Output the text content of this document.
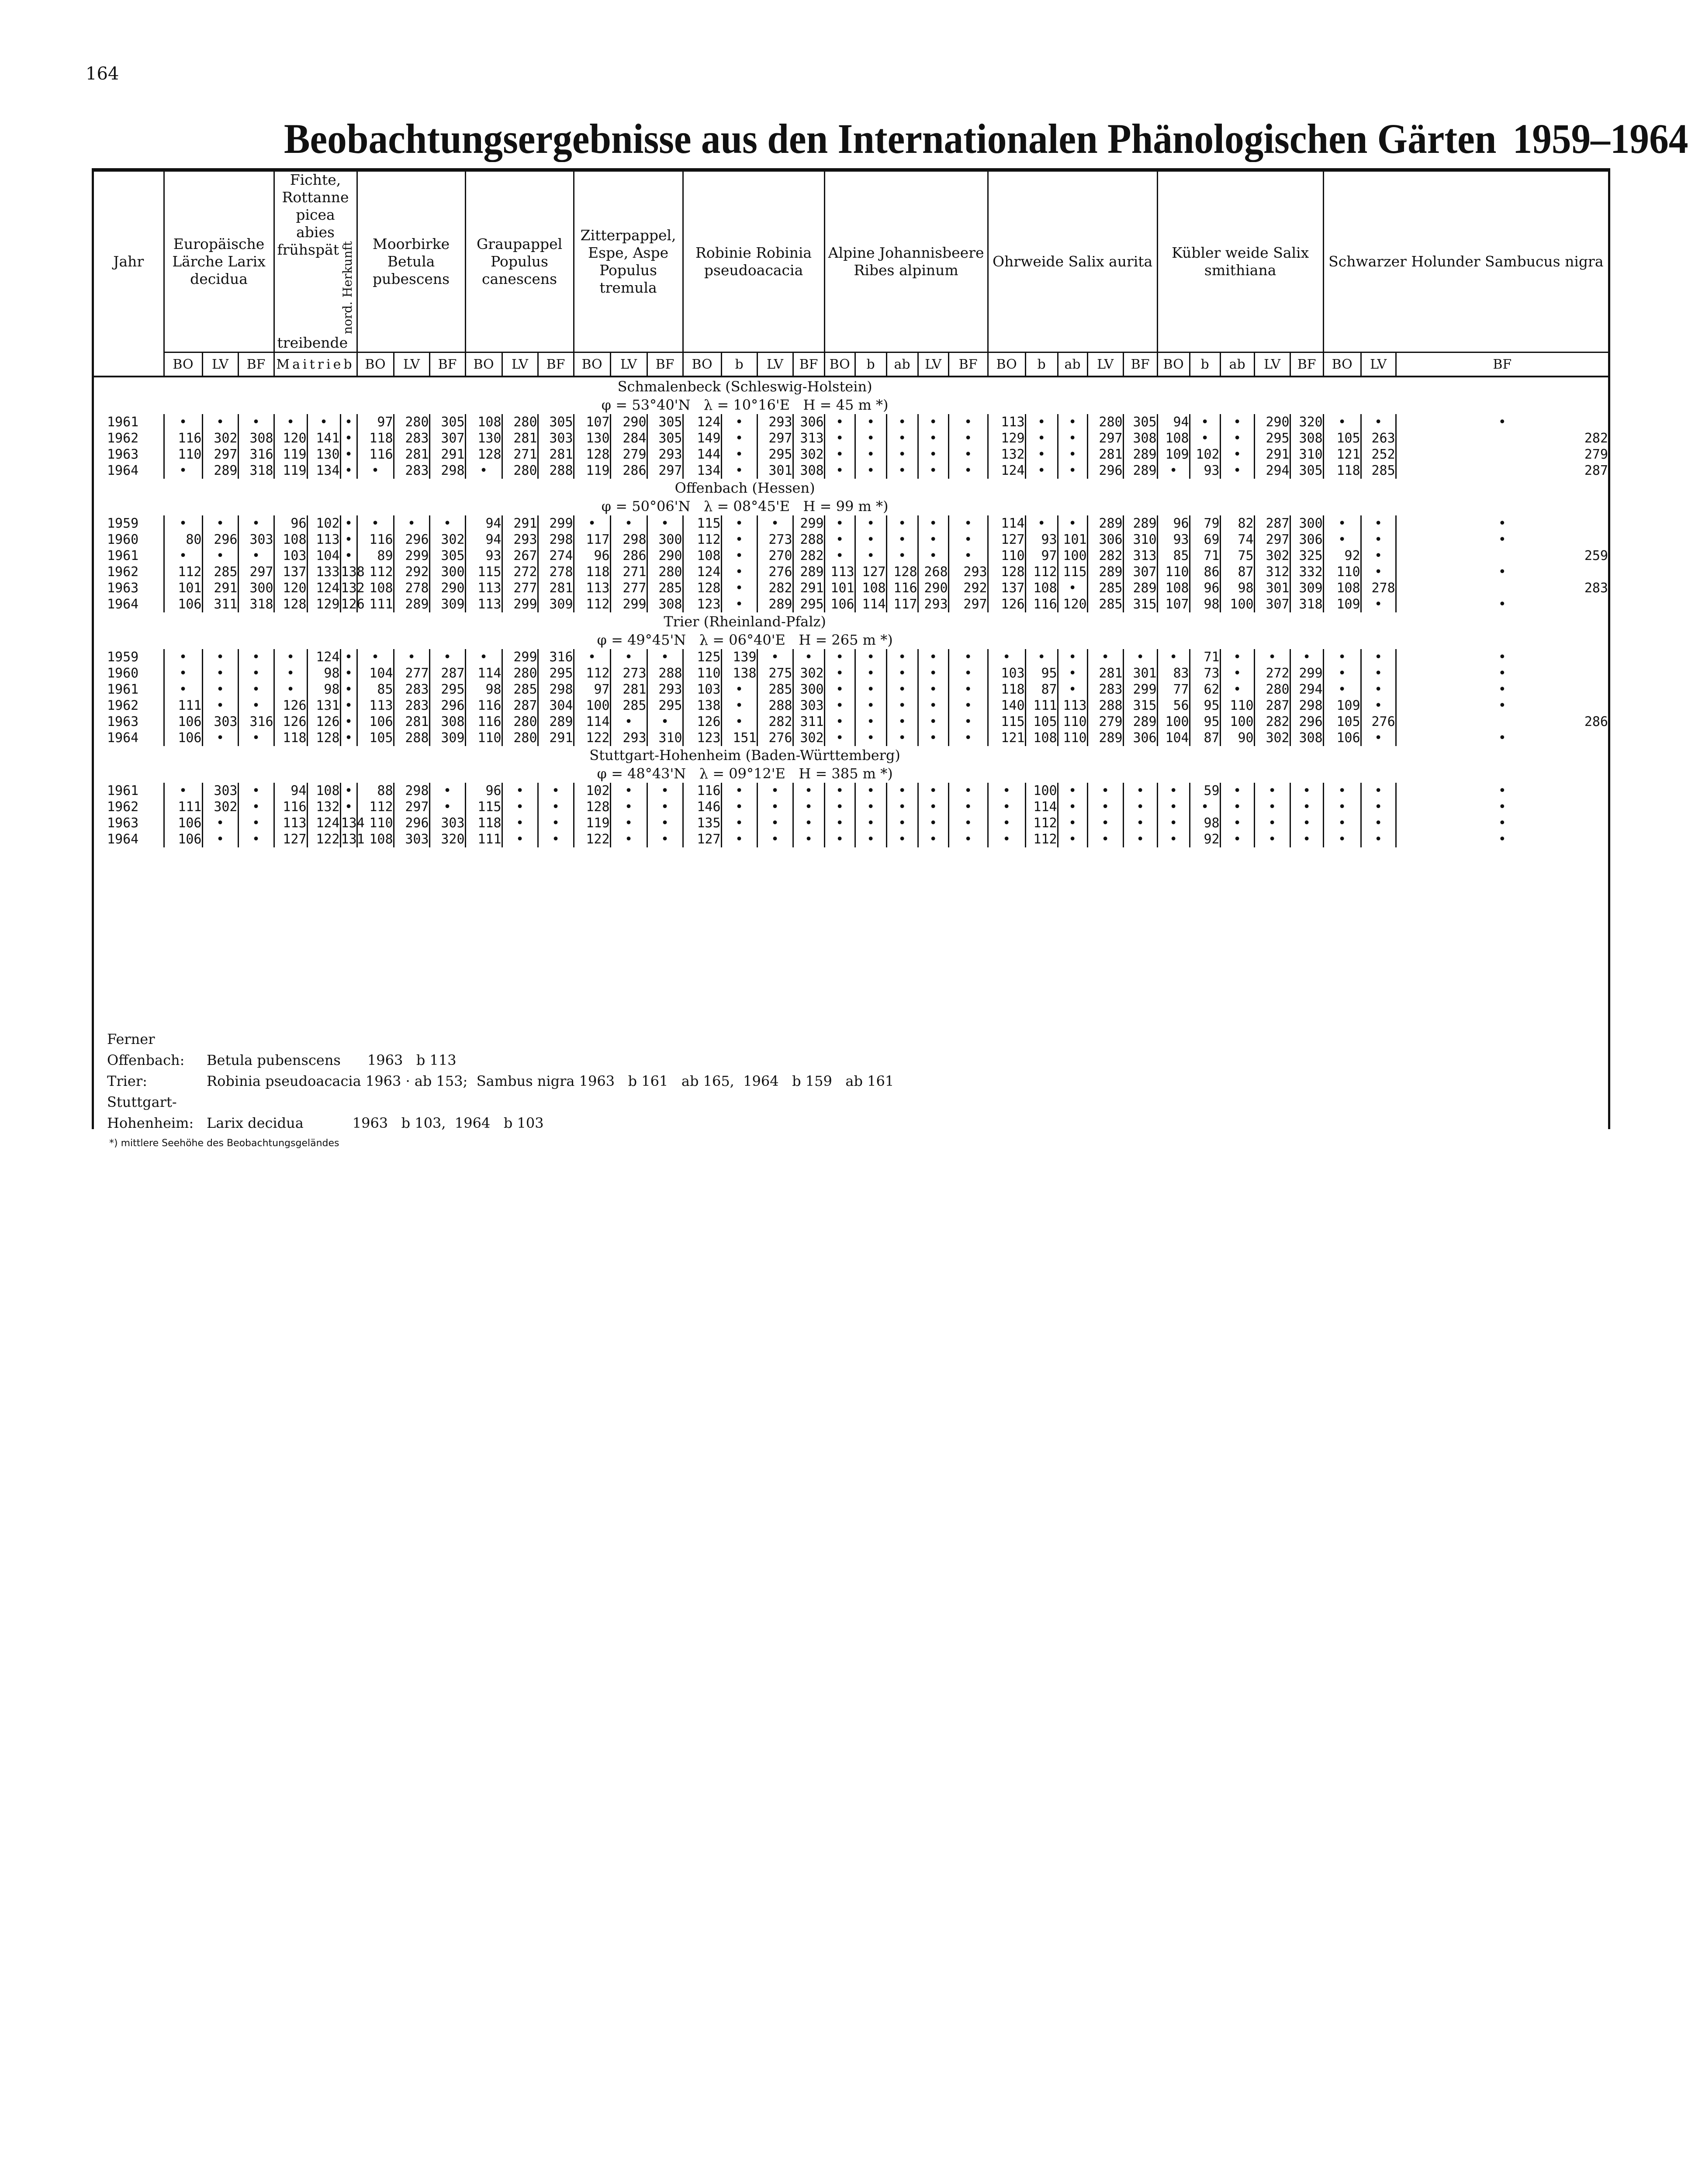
164
Beobachtungsergebnisse aus den Internationalen Phänologischen Gärten 1959–1964
Jahr	Europäische Lärche Larix decidua			Fichte, Rottanne picea abies
früh spät nord. Herkunft
treibende			Moorbirke Betula pubescens			Graupappel Populus canescens			Zitterpappel, Espe, Aspe Populus tremula			Robinie Robinia pseudoacacia				Alpine Johannisbeere Ribes alpinum					Ohrweide Salix aurita					Kübler weide Salix smithiana					Schwarzer Holunder Sambucus nigra		
	BO	LV	BF	Maitrieb			BO	LV	BF	BO	LV	BF	BO	LV	BF	BO	b	LV	BF	BO	b	ab	LV	BF	BO	b	ab	LV	BF	BO	b	ab	LV	BF	BO	LV	BF

Schmalenbeck (Schleswig-Holstein)
φ = 53°40'N   λ = 10°16'E   H = 45 m *)																																					

1961	•	•	•	•	•	•	97	280	305	108	280	305	107	290	305	124	•	293	306	•	•	•	•	•	113	•	•	280	305	94	•	•	290	320	•	•	•
1962	116	302	308	120	141	•	118	283	307	130	281	303	130	284	305	149	•	297	313	•	•	•	•	•	129	•	•	297	308	108	•	•	295	308	105	263	282
1963	110	297	316	119	130	•	116	281	291	128	271	281	128	279	293	144	•	295	302	•	•	•	•	•	132	•	•	281	289	109	102	•	291	310	121	252	279
1964	•	289	318	119	134	•	•	283	298	•	280	288	119	286	297	134	•	301	308	•	•	•	•	•	124	•	•	296	289	•	93	•	294	305	118	285	287

Offenbach (Hessen)
φ = 50°06'N   λ = 08°45'E   H = 99 m *)																																					

1959	•	•	•	96	102	•	•	•	•	94	291	299	•	•	•	115	•	•	299	•	•	•	•	•	114	•	•	289	289	96	79	82	287	300	•	•	•
1960	80	296	303	108	113	•	116	296	302	94	293	298	117	298	300	112	•	273	288	•	•	•	•	•	127	93	101	306	310	93	69	74	297	306	•	•	•
1961	•	•	•	103	104	•	89	299	305	93	267	274	96	286	290	108	•	270	282	•	•	•	•	•	110	97	100	282	313	85	71	75	302	325	92	•	259
1962	112	285	297	137	133	138	112	292	300	115	272	278	118	271	280	124	•	276	289	113	127	128	268	293	128	112	115	289	307	110	86	87	312	332	110	•	•
1963	101	291	300	120	124	132	108	278	290	113	277	281	113	277	285	128	•	282	291	101	108	116	290	292	137	108	•	285	289	108	96	98	301	309	108	278	283
1964	106	311	318	128	129	126	111	289	309	113	299	309	112	299	308	123	•	289	295	106	114	117	293	297	126	116	120	285	315	107	98	100	307	318	109	•	•

Trier (Rheinland-Pfalz)
φ = 49°45'N   λ = 06°40'E   H = 265 m *)																																					

1959	•	•	•	•	124	•	•	•	•	•	299	316	•	•	•	125	139	•	•	•	•	•	•	•	•	•	•	•	•	•	71	•	•	•	•	•	•
1960	•	•	•	•	98	•	104	277	287	114	280	295	112	273	288	110	138	275	302	•	•	•	•	•	103	95	•	281	301	83	73	•	272	299	•	•	•
1961	•	•	•	•	98	•	85	283	295	98	285	298	97	281	293	103	•	285	300	•	•	•	•	•	118	87	•	283	299	77	62	•	280	294	•	•	•
1962	111	•	•	126	131	•	113	283	296	116	287	304	100	285	295	138	•	288	303	•	•	•	•	•	140	111	113	288	315	56	95	110	287	298	109	•	•
1963	106	303	316	126	126	•	106	281	308	116	280	289	114	•	•	126	•	282	311	•	•	•	•	•	115	105	110	279	289	100	95	100	282	296	105	276	286
1964	106	•	•	118	128	•	105	288	309	110	280	291	122	293	310	123	151	276	302	•	•	•	•	•	121	108	110	289	306	104	87	90	302	308	106	•	•

Stuttgart-Hohenheim (Baden-Württemberg)
φ = 48°43'N   λ = 09°12'E   H = 385 m *)																																					

1961	•	303	•	94	108	•	88	298	•	96	•	•	102	•	•	116	•	•	•	•	•	•	•	•	•	100	•	•	•	•	59	•	•	•	•	•	•
1962	111	302	•	116	132	•	112	297	•	115	•	•	128	•	•	146	•	•	•	•	•	•	•	•	•	114	•	•	•	•	•	•	•	•	•	•	•
1963	106	•	•	113	124	134	110	296	303	118	•	•	119	•	•	135	•	•	•	•	•	•	•	•	•	112	•	•	•	•	98	•	•	•	•	•	•
1964	106	•	•	127	122	131	108	303	320	111	•	•	122	•	•	127	•	•	•	•	•	•	•	•	•	112	•	•	•	•	92	•	•	•	•	•	•
Ferner
Offenbach:	Betula pubenscens      1963   b 113
Trier:	Robinia pseudoacacia 1963 · ab 153;  Sambus nigra 1963   b 161   ab 165,  1964   b 159   ab 161
Stuttgart-
Hohenheim: Larix decidua           1963   b 103,  1964   b 103
*) mittlere Seehöhe des Beobachtungsgeländes
